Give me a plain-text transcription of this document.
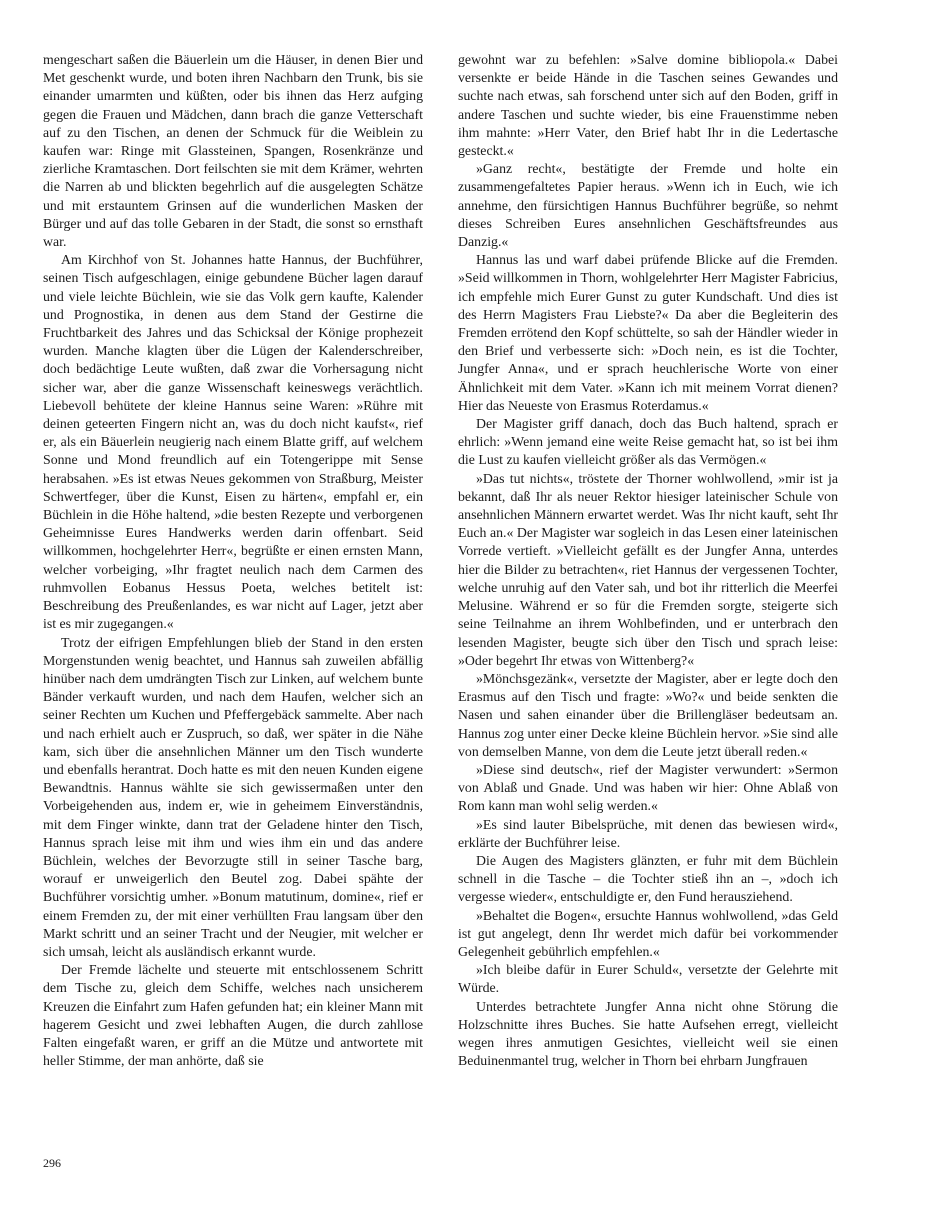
mengeschart saßen die Bäuerlein um die Häuser, in denen Bier und Met geschenkt wurde, und boten ihren Nachbarn den Trunk, bis sie einander umarmten und küßten, oder bis ihnen das Herz aufging gegen die Frauen und Mädchen, dann brach die ganze Vetterschaft auf zu den Tischen, an denen der Schmuck für die Weiblein zu kaufen war: Ringe mit Glassteinen, Spangen, Rosenkränze und zierliche Kramtaschen. Dort feilschten sie mit dem Krämer, wehrten die Narren ab und blickten begehrlich auf die ausgelegten Schätze und mit erstauntem Grinsen auf die wunderlichen Masken der Bürger und auf das tolle Gebaren in der Stadt, die sonst so ernsthaft war.

Am Kirchhof von St. Johannes hatte Hannus, der Buchführer, seinen Tisch aufgeschlagen, einige gebundene Bücher lagen darauf und viele leichte Büchlein, wie sie das Volk gern kaufte, Kalender und Prognostika, in denen aus dem Stand der Gestirne die Fruchtbarkeit des Jahres und das Schicksal der Könige prophezeit wurden. Manche klagten über die Lügen der Kalenderschreiber, doch bedächtige Leute wußten, daß zwar die Vorhersagung nicht sicher war, aber die ganze Wissenschaft keineswegs verächtlich. Liebevoll behütete der kleine Hannus seine Waren: »Rühre mit deinen geteerten Fingern nicht an, was du doch nicht kaufst«, rief er, als ein Bäuerlein neugierig nach einem Blatte griff, auf welchem Sonne und Mond freundlich auf ein Totengerippe mit Sense herabsahen. »Es ist etwas Neues gekommen von Straßburg, Meister Schwertfeger, über die Kunst, Eisen zu härten«, empfahl er, ein Büchlein in die Höhe haltend, »die besten Rezepte und verborgenen Geheimnisse Eures Handwerks werden darin offenbart. Seid willkommen, hochgelehrter Herr«, begrüßte er einen ernsten Mann, welcher vorbeiging, »Ihr fragtet neulich nach dem Carmen des ruhmvollen Eobanus Hessus Poeta, welches betitelt ist: Beschreibung des Preußenlandes, es war nicht auf Lager, jetzt aber ist es mir zugegangen.«

Trotz der eifrigen Empfehlungen blieb der Stand in den ersten Morgenstunden wenig beachtet, und Hannus sah zuweilen abfällig hinüber nach dem umdrängten Tisch zur Linken, auf welchem bunte Bänder verkauft wurden, und nach dem Haufen, welcher sich an seiner Rechten um Kuchen und Pfeffergebäck sammelte. Aber nach und nach erhielt auch er Zuspruch, so daß, wer später in die Nähe kam, sich über die ansehnlichen Männer um den Tisch wunderte und ebenfalls herantrat. Doch hatte es mit den neuen Kunden eigene Bewandtnis. Hannus wählte sie sich gewissermaßen unter den Vorbeigehenden aus, indem er, wie in geheimem Einverständnis, mit dem Finger winkte, dann trat der Geladene hinter den Tisch, Hannus sprach leise mit ihm und wies ihm ein und das andere Büchlein, welches der Bevorzugte still in seiner Tasche barg, worauf er unweigerlich den Beutel zog. Dabei spähte der Buchführer vorsichtig umher. »Bonum matutinum, domine«, rief er einem Fremden zu, der mit einer verhüllten Frau langsam über den Markt schritt und an seiner Tracht und der Neugier, mit welcher er sich umsah, leicht als ausländisch erkannt wurde.

Der Fremde lächelte und steuerte mit entschlossenem Schritt dem Tische zu, gleich dem Schiffe, welches nach unsicherem Kreuzen die Einfahrt zum Hafen gefunden hat; ein kleiner Mann mit hagerem Gesicht und zwei lebhaften Augen, die durch zahllose Falten eingefaßt waren, er griff an die Mütze und antwortete mit heller Stimme, der man anhörte, daß sie

gewohnt war zu befehlen: »Salve domine bibliopola.« Dabei versenkte er beide Hände in die Taschen seines Gewandes und suchte nach etwas, sah forschend unter sich auf den Boden, griff in andere Taschen und suchte wieder, bis eine Frauenstimme neben ihm mahnte: »Herr Vater, den Brief habt Ihr in die Ledertasche gesteckt.«

»Ganz recht«, bestätigte der Fremde und holte ein zusammengefaltetes Papier heraus. »Wenn ich in Euch, wie ich annehme, den fürsichtigen Hannus Buchführer begrüße, so nehmt dieses Schreiben Eures ansehnlichen Geschäftsfreundes aus Danzig.«

Hannus las und warf dabei prüfende Blicke auf die Fremden. »Seid willkommen in Thorn, wohlgelehrter Herr Magister Fabricius, ich empfehle mich Eurer Gunst zu guter Kundschaft. Und dies ist des Herrn Magisters Frau Liebste?« Da aber die Begleiterin des Fremden errötend den Kopf schüttelte, so sah der Händler wieder in den Brief und verbesserte sich: »Doch nein, es ist die Tochter, Jungfer Anna«, und er sprach heuchlerische Worte von einer Ähnlichkeit mit dem Vater. »Kann ich mit meinem Vorrat dienen? Hier das Neueste von Erasmus Roterdamus.«

Der Magister griff danach, doch das Buch haltend, sprach er ehrlich: »Wenn jemand eine weite Reise gemacht hat, so ist bei ihm die Lust zu kaufen vielleicht größer als das Vermögen.«

»Das tut nichts«, tröstete der Thorner wohlwollend, »mir ist ja bekannt, daß Ihr als neuer Rektor hiesiger lateinischer Schule von ansehnlichen Männern erwartet werdet. Was Ihr nicht kauft, seht Ihr Euch an.« Der Magister war sogleich in das Lesen einer lateinischen Vorrede vertieft. »Vielleicht gefällt es der Jungfer Anna, unterdes hier die Bilder zu betrachten«, riet Hannus der vergessenen Tochter, welche unruhig auf den Vater sah, und bot ihr ritterlich die Meerfei Melusine. Während er so für die Fremden sorgte, steigerte sich seine Teilnahme an ihrem Wohlbefinden, und er unterbrach den lesenden Magister, beugte sich über den Tisch und sprach leise: »Oder begehrt Ihr etwas von Wittenberg?«

»Mönchsgezänk«, versetzte der Magister, aber er legte doch den Erasmus auf den Tisch und fragte: »Wo?« und beide senkten die Nasen und sahen einander über die Brillengläser bedeutsam an. Hannus zog unter einer Decke kleine Büchlein hervor. »Sie sind alle von demselben Manne, von dem die Leute jetzt überall reden.«

»Diese sind deutsch«, rief der Magister verwundert: »Sermon von Ablaß und Gnade. Und was haben wir hier: Ohne Ablaß von Rom kann man wohl selig werden.«

»Es sind lauter Bibelsprüche, mit denen das bewiesen wird«, erklärte der Buchführer leise.

Die Augen des Magisters glänzten, er fuhr mit dem Büchlein schnell in die Tasche – die Tochter stieß ihn an –, »doch ich vergesse wieder«, entschuldigte er, den Fund herausziehend.

»Behaltet die Bogen«, ersuchte Hannus wohlwollend, »das Geld ist gut angelegt, denn Ihr werdet mich dafür bei vorkommender Gelegenheit gebührlich empfehlen.«

»Ich bleibe dafür in Eurer Schuld«, versetzte der Gelehrte mit Würde.

Unterdes betrachtete Jungfer Anna nicht ohne Störung die Holzschnitte ihres Buches. Sie hatte Aufsehen erregt, vielleicht wegen ihres anmutigen Gesichtes, vielleicht weil sie einen Beduinenmantel trug, welcher in Thorn bei ehrbarn Jungfrauen

296
